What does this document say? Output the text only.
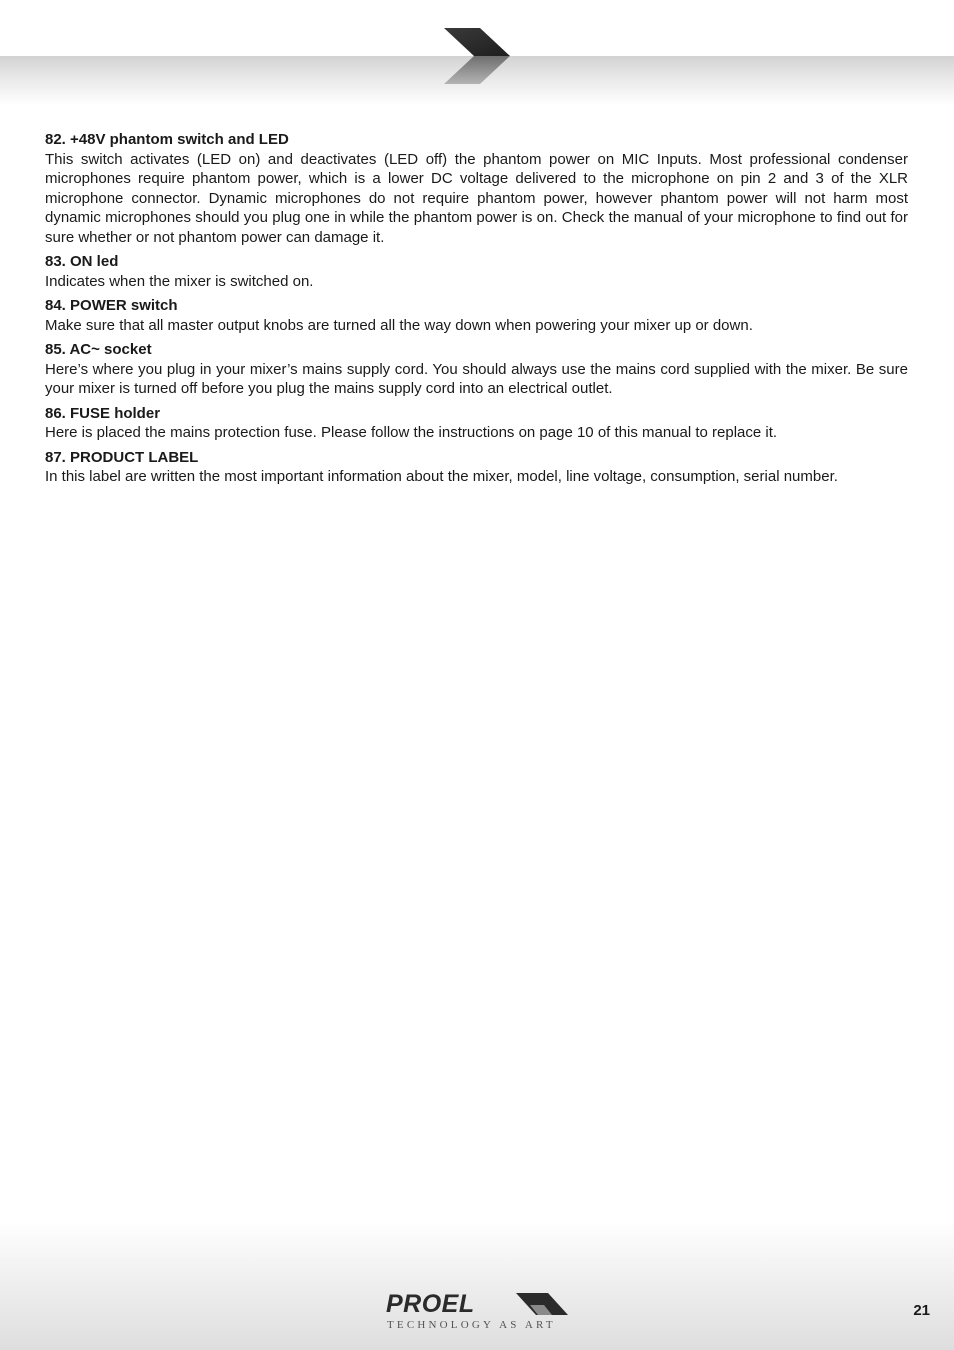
82. +48V phantom switch and LED

This switch activates (LED on) and deactivates (LED off) the phantom power on MIC Inputs. Most professional condenser microphones require phantom power, which is a lower DC voltage delivered to the microphone on pin 2 and 3 of the XLR microphone connector. Dynamic microphones do not require phantom power, however phantom power will not harm most dynamic microphones should you plug one in while the phantom power is on. Check the manual of your microphone to find out for sure whether or not phantom power can damage it.

83. ON led

Indicates when the mixer is switched on.

84. POWER switch

Make sure that all master output knobs are turned all the way down when powering your mixer up or down.

85. AC~ socket

Here’s where you plug in your mixer’s mains supply cord. You should always use the mains cord supplied with the mixer. Be sure your mixer is turned off before you plug the mains supply cord into an electrical outlet.

86. FUSE holder

Here is placed the mains protection fuse. Please follow the instructions on page 10 of this manual to replace it.

87. PRODUCT LABEL

In this label are written the most important information about the mixer, model, line voltage, consumption, serial number.

PROEL
TECHNOLOGY AS ART
21
